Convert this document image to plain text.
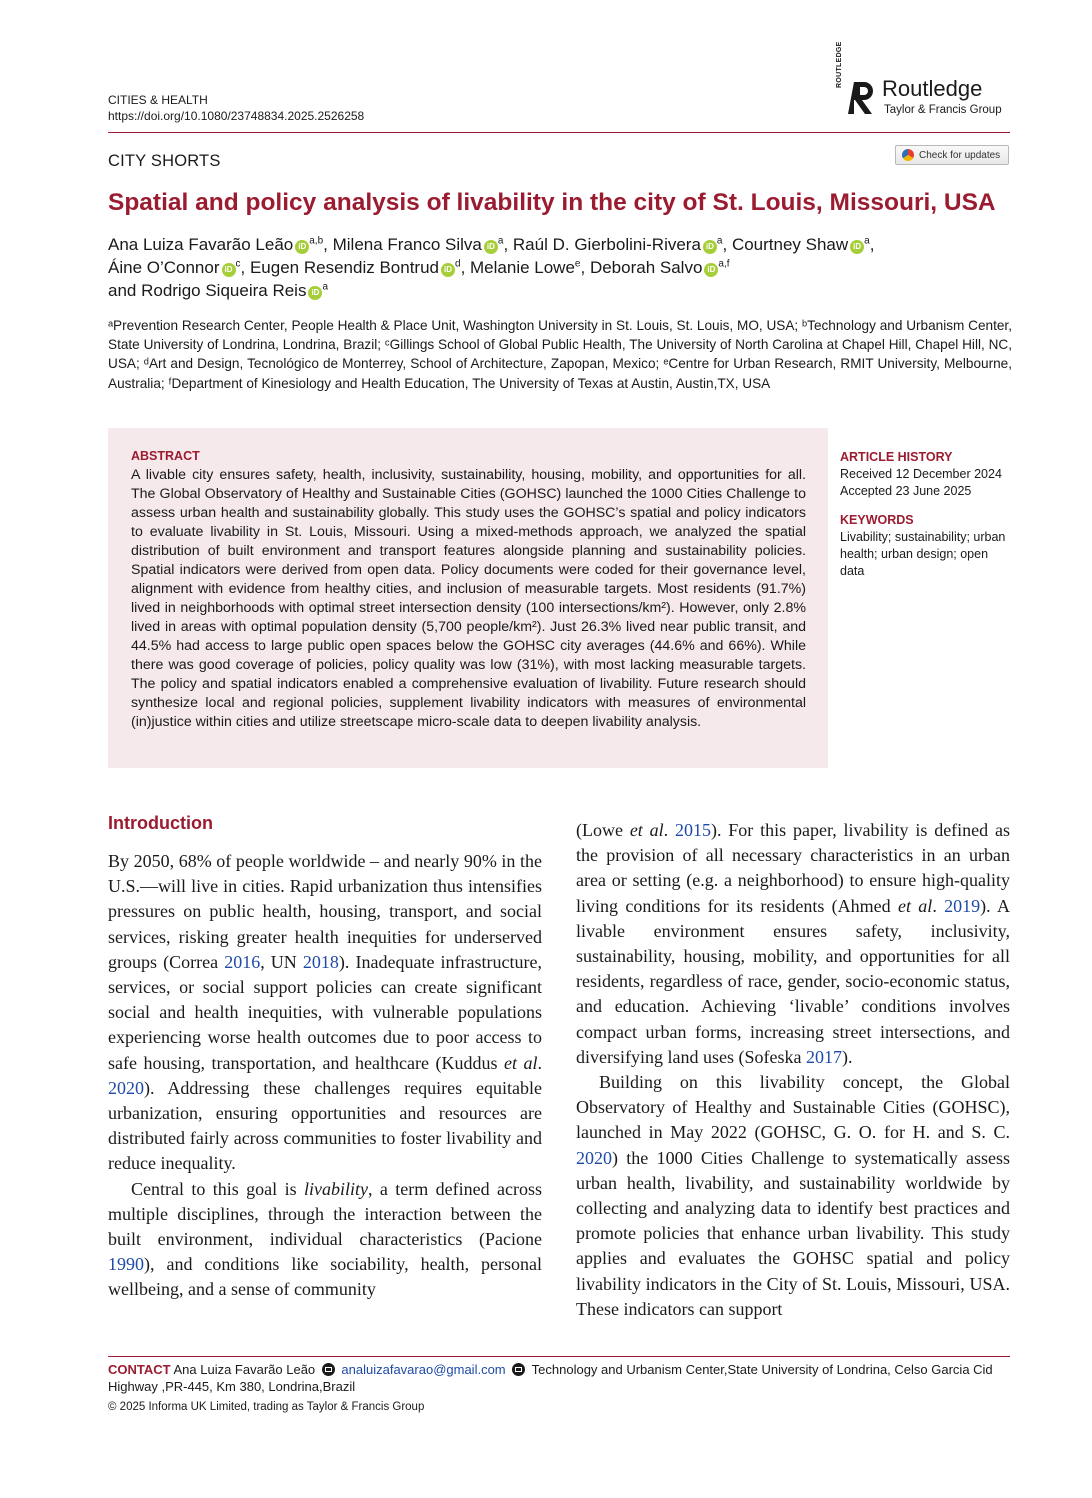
CITIES & HEALTH
https://doi.org/10.1080/23748834.2025.2526258
ROUTLEDGE
Routledge
Taylor & Francis Group
CITY SHORTS	Check for updates
Spatial and policy analysis of livability in the city of St. Louis, Missouri, USA
Ana Luiza Favarão Leão iD$^{a,b}$, Milena Franco Silva $iD^a$, Raúl D. Gierbolini-Rivera $iD^a$, Courtney Shaw $iD^a$,
Áine O’Connor $iD^c$, Eugen Resendiz Bontrud $iD^d$, Melanie Lowe$^e$, Deborah Salvo iD$^{a,f}$
and Rodrigo Siqueira Reis $iD^a$
ᵃPrevention Research Center, People Health & Place Unit, Washington University in St. Louis, St. Louis, MO, USA; ᵇTechnology and Urbanism Center, State University of Londrina, Londrina, Brazil; ᶜGillings School of Global Public Health, The University of North Carolina at Chapel Hill, Chapel Hill, NC, USA; ᵈArt and Design, Tecnológico de Monterrey, School of Architecture, Zapopan, Mexico; ᵉCentre for Urban Research, RMIT University, Melbourne, Australia; ᶠDepartment of Kinesiology and Health Education, The University of Texas at Austin, Austin,TX, USA
ABSTRACT
A livable city ensures safety, health, inclusivity, sustainability, housing, mobility, and opportunities for all. The Global Observatory of Healthy and Sustainable Cities (GOHSC) launched the 1000 Cities Challenge to assess urban health and sustainability globally. This study uses the GOHSC’s spatial and policy indicators to evaluate livability in St. Louis, Missouri. Using a mixed-methods approach, we analyzed the spatial distribution of built environment and transport features alongside planning and sustainability policies. Spatial indicators were derived from open data. Policy documents were coded for their governance level, alignment with evidence from healthy cities, and inclusion of measurable targets. Most residents (91.7%) lived in neighborhoods with optimal street intersection density (100 intersections/km²). However, only 2.8% lived in areas with optimal population density (5,700 people/km²). Just 26.3% lived near public transit, and 44.5% had access to large public open spaces below the GOHSC city averages (44.6% and 66%). While there was good coverage of policies, policy quality was low (31%), with most lacking measurable targets. The policy and spatial indicators enabled a comprehensive evaluation of livability. Future research should synthesize local and regional policies, supplement livability indicators with measures of environmental (in)justice within cities and utilize streetscape micro-scale data to deepen livability analysis.
ARTICLE HISTORY
Received 12 December 2024
Accepted 23 June 2025
KEYWORDS
Livability; sustainability; urban health; urban design; open data
Introduction

By 2050, 68% of people worldwide – and nearly 90% in the U.S.—will live in cities. Rapid urbanization thus intensifies pressures on public health, housing, transport, and social services, risking greater health inequities for underserved groups (Correa 2016, UN 2018). Inadequate infrastructure, services, or social support policies can create significant social and health inequities, with vulnerable populations experiencing worse health outcomes due to poor access to safe housing, transportation, and healthcare (Kuddus et al. 2020). Addressing these challenges requires equitable urbanization, ensuring opportunities and resources are distributed fairly across communities to foster livability and reduce inequality.

Central to this goal is livability, a term defined across multiple disciplines, through the interaction between the built environment, individual characteristics (Pacione 1990), and conditions like sociability, health, personal wellbeing, and a sense of community

(Lowe et al. 2015). For this paper, livability is defined as the provision of all necessary characteristics in an urban area or setting (e.g. a neighborhood) to ensure high-quality living conditions for its residents (Ahmed et al. 2019). A livable environment ensures safety, inclusivity, sustainability, housing, mobility, and opportunities for all residents, regardless of race, gender, socio-economic status, and education. Achieving ‘livable’ conditions involves compact urban forms, increasing street intersections, and diversifying land uses (Sofeska 2017).

Building on this livability concept, the Global Observatory of Healthy and Sustainable Cities (GOHSC), launched in May 2022 (GOHSC, G. O. for H. and S. C. 2020) the 1000 Cities Challenge to systematically assess urban health, livability, and sustainability worldwide by collecting and analyzing data to identify best practices and promote policies that enhance urban livability. This study applies and evaluates the GOHSC spatial and policy livability indicators in the City of St. Louis, Missouri, USA. These indicators can support

CONTACT Ana Luiza Favarão Leão analuizafavarao@gmail.com Technology and Urbanism Center,State University of Londrina, Celso Garcia Cid Highway ,PR-445, Km 380, Londrina,Brazil
© 2025 Informa UK Limited, trading as Taylor & Francis Group
